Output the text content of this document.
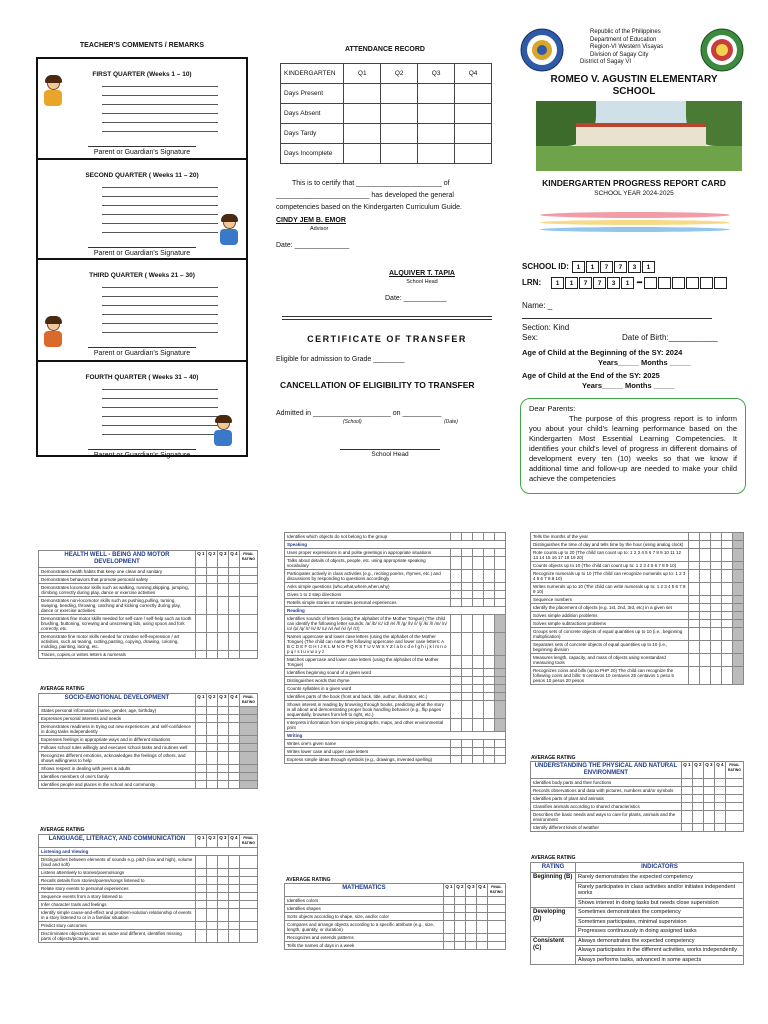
TEACHER'S COMMENTS / REMARKS
FIRST QUARTER (Weeks 1 – 10)
Parent or Guardian's Signature
SECOND QUARTER ( Weeks 11 – 20)
Parent or Guardian's Signature
THIRD QUARTER ( Weeks 21 – 30)
Parent or Guardian's Signature
FOURTH QUARTER ( Weeks 31 – 40)
Parent or Guardian's Signature
ATTENDANCE RECORD
KINDERGARTEN	Q1	Q2	Q3	Q4
Days Present				
Days Absent				
Days Tardy				
Days Incomplete				
This is to certify that ______________________ of
________________________ has developed the general
competencies based on the Kindergarten Curriculum Guide.
CINDY JEM B. EMOR
Advisor
Date: ______________
ALQUIVER T. TAPIA
School Head
Date: ___________
CERTIFICATE OF TRANSFER
Eligible for admission to Grade ________
CANCELLATION OF ELIGIBILITY TO TRANSFER
Admitted in ____________________ on __________
(School)	(Date)
School Head
Republic of the Philippines
Department of Education
Region-VI Western Visayas
Division of Sagay City
District of Sagay VI
ROMEO V. AGUSTIN ELEMENTARY SCHOOL
KINDERGARTEN PROGRESS REPORT CARD
SCHOOL YEAR 2024-2025
SCHOOL ID: 1 1 7 7 3 1
LRN: 1 1 7 7 3 1 ━
Name: _
Section: Kind
Sex:	Date of Birth:___________
Age of Child at the Beginning of the SY: 2024
Years_____ Months _____
Age of Child at the End of the SY: 2025
Years_____ Months _____
Dear Parents:
The purpose of this progress report is to inform you about your child's learning performance based on the Kindergarten Most Essential Learning Competencies. It identifies your child's level of progress in different domains of development every ten (10) weeks so that we know if additional time and follow-up are needed to make your child achieve the competencies
HEALTH WELL - BEING AND MOTOR DEVELOPMENT	Q 1	Q 2	Q 3	Q 4	FINAL RATING
Demonstrates health habits that keep one clean and sanitary					
Demonstrates behaviors that promote personal safety					
Demonstrates locomotor skills such as walking, running,skipping, jumping, climbing correctly during play, dance or exercise activities					
Demonstrates non-locomotor skills such as pushing,pulling, turning, swaying, bending, throwing, catching and kicking correctly during play, dance or exercise activities					
Demonstrates fine motor skills needed for self-care / self-help such as tooth brushing, buttoning, screwing and unscrewing lids, using spoon and fork correctly, etc.					
Demonstrate fine motor skills needed for creative self-expression / art activities, such as tearing, cutting,pasting, copying, drawing, coloring, molding, painting, lacing, etc.					
Traces, copies,or writes letters & numerals					
AVERAGE RATING
SOCIO-EMOTIONAL DEVELOPMENT	Q 1	Q 2	Q 3	Q 4	FINAL RATING
States personal information (name, gender, age, birthday)					
Expresses personal interests and needs					
Demonstrates readiness in trying out new experiences ,and self-confidence in doing tasks independently					
Expresses feelings in appropriate ways and in different situations					
Follows school rules willingly and executes school tasks and routines well					
Recognizes different emotions, acknowledges the feelings of others, and shows willingness to help					
Shows respect in dealing with peers & adults					
Identifies members of one's family					
Identifies people and places in the school and community					
AVERAGE RATING
LANGUAGE, LITERACY, AND COMMUNICATION	Q 1	Q 2	Q 3	Q 4	FINAL RATING
Listening and Viewing					
Distinguishes between elements of sounds e.g. pitch (low and high), volume (loud and soft)					
Listens attentively to stories/poems/songs					
Recalls details from stories/poems/songs listened to					
Relate story events to personal experiences					
Sequence events from a story listened to					
Infer character traits and feelings					
Identify simple cause-and-effect and problem-solution relationship of events in a story listened to or in a familiar situation					
Predict story outcomes					
Discriminates objects/pictures as same and different, identifies missing parts of objects/pictures, and					
Identifies which objects do not belong to the group					
Speaking					
Uses proper expressions in and polite greetings in appropriate situations					
Talks about details of objects, people, etc. using appropriate speaking vocabulary					
Participates actively in class activities (e.g., reciting poems, rhymes, etc.) and discussions by responding to questions accordingly					
Asks simple questions (who,what,where,when,why)					
Gives 1 to 2 step directions					
Retells simple stories or narrates personal experiences					
Reading					
Identifies sounds of letters (using the alphabet of the Mother Tongue) (The child can identify the following letter sounds: /a/ /b/ /c/ /d/ /e/ /f/ /g/ /h/ /i/ /j/ /k/ /l/ /m/ /n/ /o/ /p/ /q/ /r/ /s/ /t/ /u/ /v/ /w/ /x/ /y/ /z/)					
Names uppercase and lower case letters (using the alphabet of the Mother Tongue) (The child can name the following uppercase and lower case letters: A B C D E F G H I J K L M N O P Q R S T U V W X Y Z / a b c d e f g h i j k l m n o p q r s t u v w x y z					
Matches uppercase and lower case letters (using the alphabet of the Mother Tongue)					
Identifies beginning sound of a given word					
Distinguishes words that rhyme					
Counts syllables in a given word					
Identifies parts of the book (front and back, title, author, illustrator, etc.)					
Shows interest in reading by browsing through books, predicting what the story is all about and demonstrating proper book handling behavior (e.g., flip pages sequentially, browses from left to right, etc.)					
Interprets information from simple pictographs, maps, and other environmental print					
Writing					
Writes one's given name					
Writes lower case and upper case letters					
Express simple ideas through symbols (e.g., drawings, invented spelling)					
AVERAGE RATING
MATHEMATICS	Q 1	Q 2	Q 3	Q 4	FINAL RATING
Identifies colors					
Identifies shapes					
Sorts objects according to shape, size, and/or color					
Compares and arrange objects according to a specific attribute (e.g., size, length, quantity, or duration)					
Recognizes and extends patterns					
Tells the names of days in a week					
Tells the months of the year					
Distinguishes the time of day and tells time by the hour (using analog clock)					
Rote counts up to 20 (The child can count up to: 1 2 3 4 5 6 7 8 9 10 11 12 13 14 15 16 17 18 19 20)					
Counts objects up to 10 (The child can count up to: 1 2 3 4 5 6 7 8 9 10)					
Recognize numerals up to 10 (The child can recognize numerals up to: 1 2 3 4 5 6 7 8 9 10)					
Writes numerals up to 10 (The child can write numerals up to: 1 2 3 4 5 6 7 8 9 10)					
Sequence numbers					
Identify the placement of objects (e.g. 1st, 2nd, 3rd, etc) in a given set					
Solves simple addition problems					
Solves simple subtractions problems					
Groups sets of concrete objects of equal quantities up to 10 (i.e., beginning multiplication)					
Separates sets of concrete objects of equal quantities up to 10 (i.e., beginning division					
Measures length, capacity, and mass of objects using nonstandard measuring tools					
Recognizes coins and bills (up to PHP 20) The child can recognize the following coins and bills: 5 centavos 10 centavos 25 centavos 1 peso 5 pesos 10 pesos 20 pesos					
AVERAGE RATING
UNDERSTANDING THE PHYSICAL AND NATURAL ENVIRONMENT	Q 1	Q 2	Q 3	Q 4	FINAL RATING
Identifies body parts and their functions					
Records observations and data with pictures, numbers and/or symbols					
Identifies parts of plant and animals					
Classifies animals according to shared characteristics					
Describes the basic needs and ways to care for plants, animals and the environment					
Identify different kinds of weather					
AVERAGE RATING
RATING	INDICATORS
Beginning (B)	Rarely demonstrates the expected competency
	Rarely participates in class activities and/or initiates independent works
	Shows interest in doing tasks but needs close supervision
Developing (D)	Sometimes demonstrates the competency
	Sometimes participates, minimal supervision
	Progresses continuously in doing assigned tasks
Consistent (C)	Always demonstrates the expected competency
	Always participates in the different activities, works independently
	Always performs tasks, advanced in some aspects
